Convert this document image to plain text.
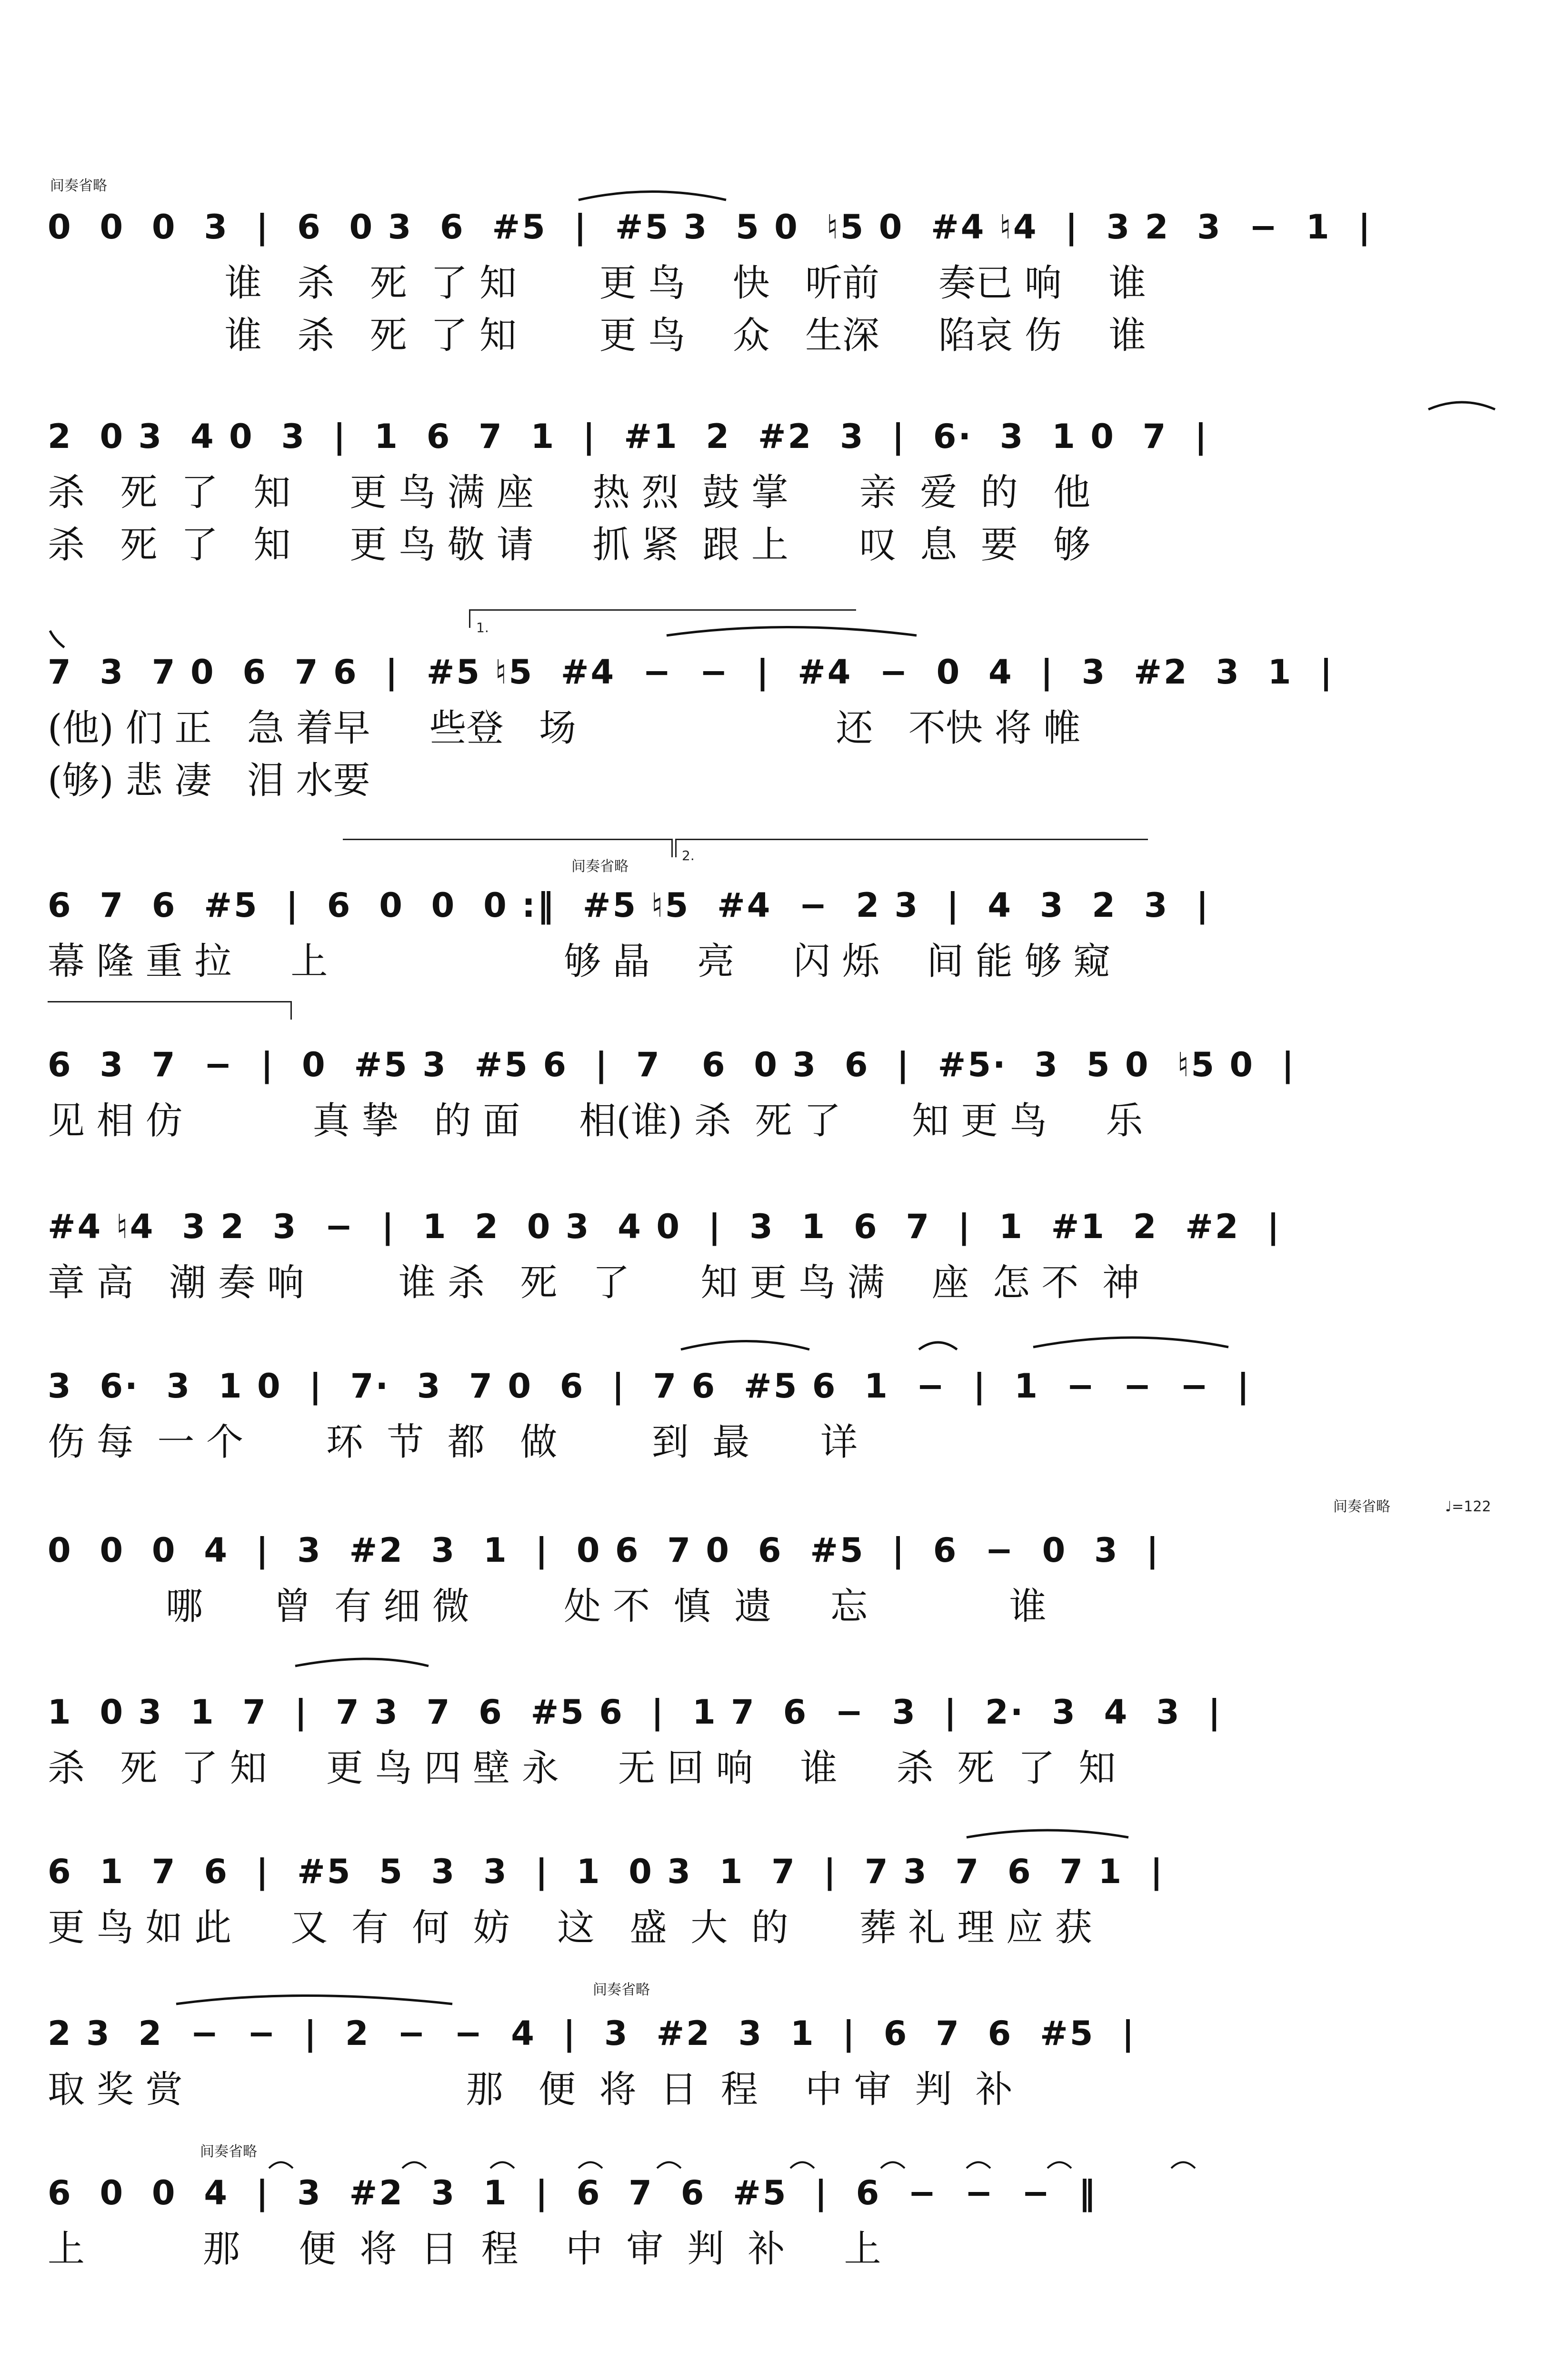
间奏省略
间奏省略
间奏省略	♩=122
间奏省略
间奏省略
1.
2.
0  0  0  3  |  6  0 3  6  #5  |  #5 3  5 0  ♮5 0  #4 ♮4  |  3 2  3  −  1  |
谁   杀   死  了 知       更 鸟    快   听前     奏已 响    谁
谁   杀   死  了 知       更 鸟    众   生深     陷哀 伤    谁
2  0 3  4 0  3  |  1  6  7  1  |  #1  2  #2  3  |  6·  3  1 0  7  |
杀   死  了   知     更 鸟 满 座     热 烈  鼓 掌      亲  爱  的   他
杀   死  了   知     更 鸟 敬 请     抓 紧  跟 上      叹  息  要   够
7  3  7 0  6  7 6  |  #5 ♮5  #4  −  −  |  #4  −  0  4  |  3  #2  3  1  |
(他) 们 正   急 着早     些登   场                      还   不快 将 帷
(够) 悲 凄   泪 水要
6  7  6  #5  |  6  0  0  0 :‖  #5 ♮5  #4  −  2 3  |  4  3  2  3  |
幕 隆 重 拉     上                    够 晶    亮     闪 烁    间 能 够 窥
6  3  7  −  |  0  #5 3  #5 6  |  7   6  0 3  6  |  #5·  3  5 0  ♮5 0  |
见 相 仿           真 挚   的 面     相(谁) 杀  死 了      知 更 鸟     乐
#4 ♮4  3 2  3  −  |  1  2  0 3  4 0  |  3  1  6  7  |  1  #1  2  #2  |
章 高   潮 奏 响        谁 杀   死   了      知 更 鸟 满    座  怎 不  神
3  6·  3  1 0  |  7·  3  7 0  6  |  7 6  #5 6  1  −  |  1  −  −  −  |
伤 每  一 个       环  节  都   做        到  最      详
0  0  0  4  |  3  #2  3  1  |  0 6  7 0  6  #5  |  6  −  0  3  |
哪      曾  有 细 微        处 不  慎  遗     忘            谁
1  0 3  1  7  |  7 3  7  6  #5 6  |  1 7  6  −  3  |  2·  3  4  3  |
杀   死  了 知     更 鸟 四 壁 永     无 回 响    谁     杀  死  了  知
6  1  7  6  |  #5  5  3  3  |  1  0 3  1  7  |  7 3  7  6  7 1  |
更 鸟 如 此     又  有  何  妨    这   盛  大  的      葬 礼 理 应 获
2 3  2  −  −  |  2  −  −  4  |  3  #2  3  1  |  6  7  6  #5  |
取 奖 赏                        那   便  将  日  程    中 审  判  补
6  0  0  4  |  3  #2  3  1  |  6  7  6  #5  |  6  −  −  −  ‖
上          那     便  将  日  程    中  审  判  补     上
